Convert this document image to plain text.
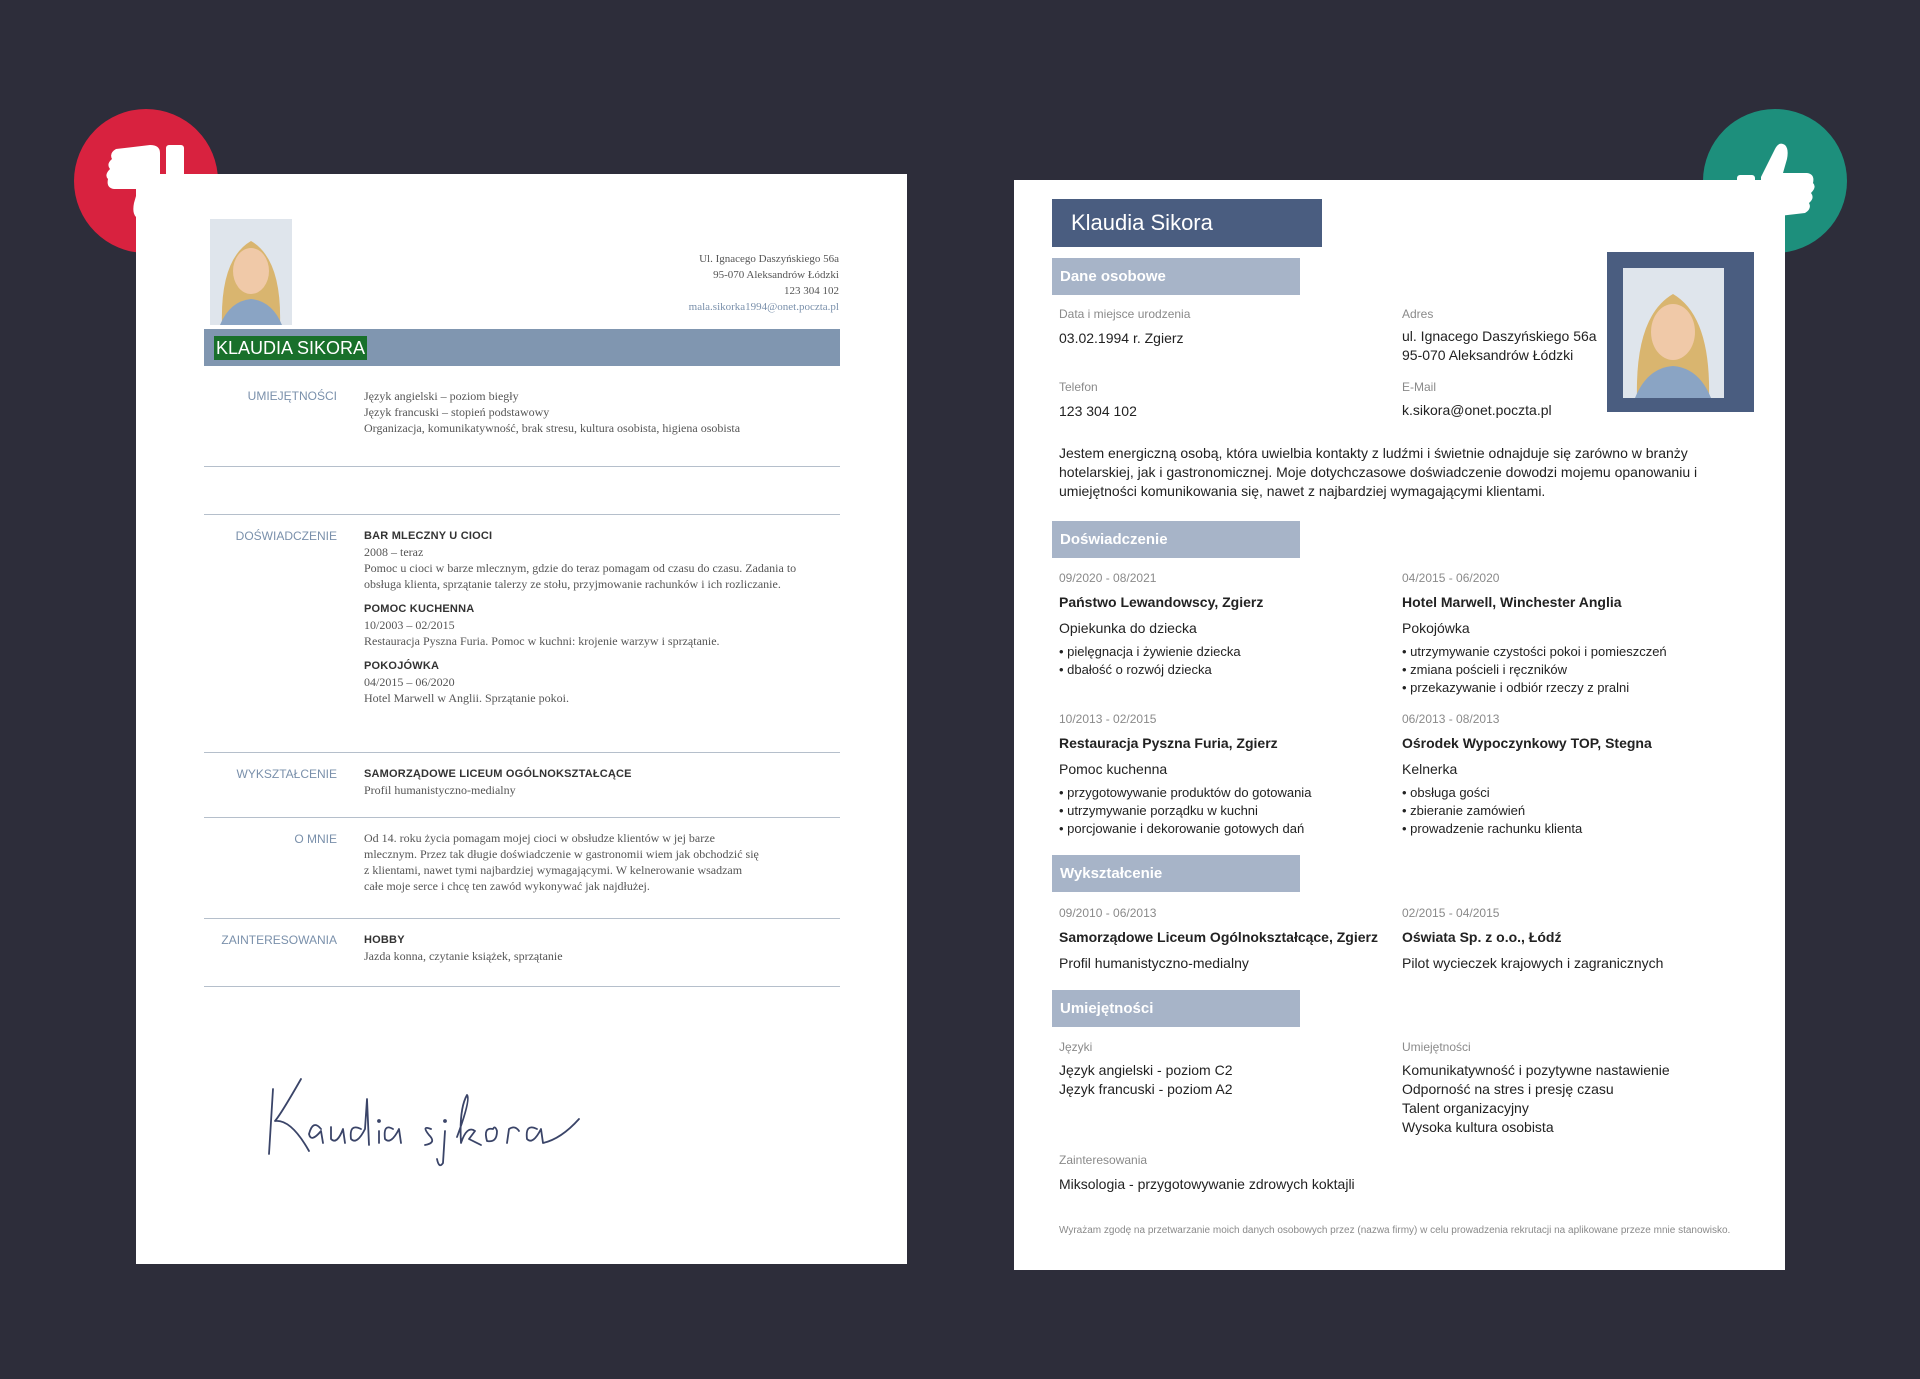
Ul. Ignacego Daszyńskiego 56a
95-070 Aleksandrów Łódzki
123 304 102
mala.sikorka1994@onet.poczta.pl
KLAUDIA SIKORA
UMIEJĘTNOŚCI Język angielski – poziom biegły
Język francuski – stopień podstawowy
Organizacja, komunikatywność, brak stresu, kultura osobista, higiena osobista
DOŚWIADCZENIE BAR MLECZNY U CIOCI
2008 – teraz
Pomoc u cioci w barze mlecznym, gdzie do teraz pomagam od czasu do czasu. Zadania to obsługa klienta, sprzątanie talerzy ze stołu, przyjmowanie rachunków i ich rozliczanie.
POMOC KUCHENNA
10/2003 – 02/2015
Restauracja Pyszna Furia. Pomoc w kuchni: krojenie warzyw i sprzątanie.
POKOJÓWKA
04/2015 – 06/2020
Hotel Marwell w Anglii. Sprzątanie pokoi.
WYKSZTAŁCENIE SAMORZĄDOWE LICEUM OGÓLNOKSZTAŁCĄCE
Profil humanistyczno-medialny
O MNIE Od 14. roku życia pomagam mojej cioci w obsłudze klientów w jej barze mlecznym. Przez tak długie doświadczenie w gastronomii wiem jak obchodzić się z klientami, nawet tymi najbardziej wymagającymi. W kelnerowanie wsadzam całe moje serce i chcę ten zawód wykonywać jak najdłużej.
ZAINTERESOWANIA HOBBY
Jazda konna, czytanie książek, sprzątanie
Klaudia Sikora
Dane osobowe
Data i miejsce urodzenia
03.02.1994 r. Zgierz
Adres
ul. Ignacego Daszyńskiego 56a
95-070 Aleksandrów Łódzki
Telefon
123 304 102
E-Mail
k.sikora@onet.poczta.pl
Jestem energiczną osobą, która uwielbia kontakty z ludźmi i świetnie odnajduje się zarówno w branży hotelarskiej, jak i gastronomicznej. Moje dotychczasowe doświadczenie dowodzi mojemu opanowaniu i umiejętności komunikowania się, nawet z najbardziej wymagającymi klientami.
Doświadczenie
09/2020 - 08/2021
Państwo Lewandowscy, Zgierz
Opiekunka do dziecka
• pielęgnacja i żywienie dziecka
• dbałość o rozwój dziecka
04/2015 - 06/2020
Hotel Marwell, Winchester Anglia
Pokojówka
• utrzymywanie czystości pokoi i pomieszczeń
• zmiana pościeli i ręczników
• przekazywanie i odbiór rzeczy z pralni
10/2013 - 02/2015
Restauracja Pyszna Furia, Zgierz
Pomoc kuchenna
• przygotowywanie produktów do gotowania
• utrzymywanie porządku w kuchni
• porcjowanie i dekorowanie gotowych dań
06/2013 - 08/2013
Ośrodek Wypoczynkowy TOP, Stegna
Kelnerka
• obsługa gości
• zbieranie zamówień
• prowadzenie rachunku klienta
Wykształcenie
09/2010 - 06/2013
Samorządowe Liceum Ogólnokształcące, Zgierz
Profil humanistyczno-medialny
02/2015 - 04/2015
Oświata Sp. z o.o., Łódź
Pilot wycieczek krajowych i zagranicznych
Umiejętności
Języki
Język angielski - poziom C2
Język francuski - poziom A2
Umiejętności
Komunikatywność i pozytywne nastawienie
Odporność na stres i presję czasu
Talent organizacyjny
Wysoka kultura osobista
Zainteresowania
Miksologia - przygotowywanie zdrowych koktajli
Wyrażam zgodę na przetwarzanie moich danych osobowych przez (nazwa firmy) w celu prowadzenia rekrutacji na aplikowane przeze mnie stanowisko.
